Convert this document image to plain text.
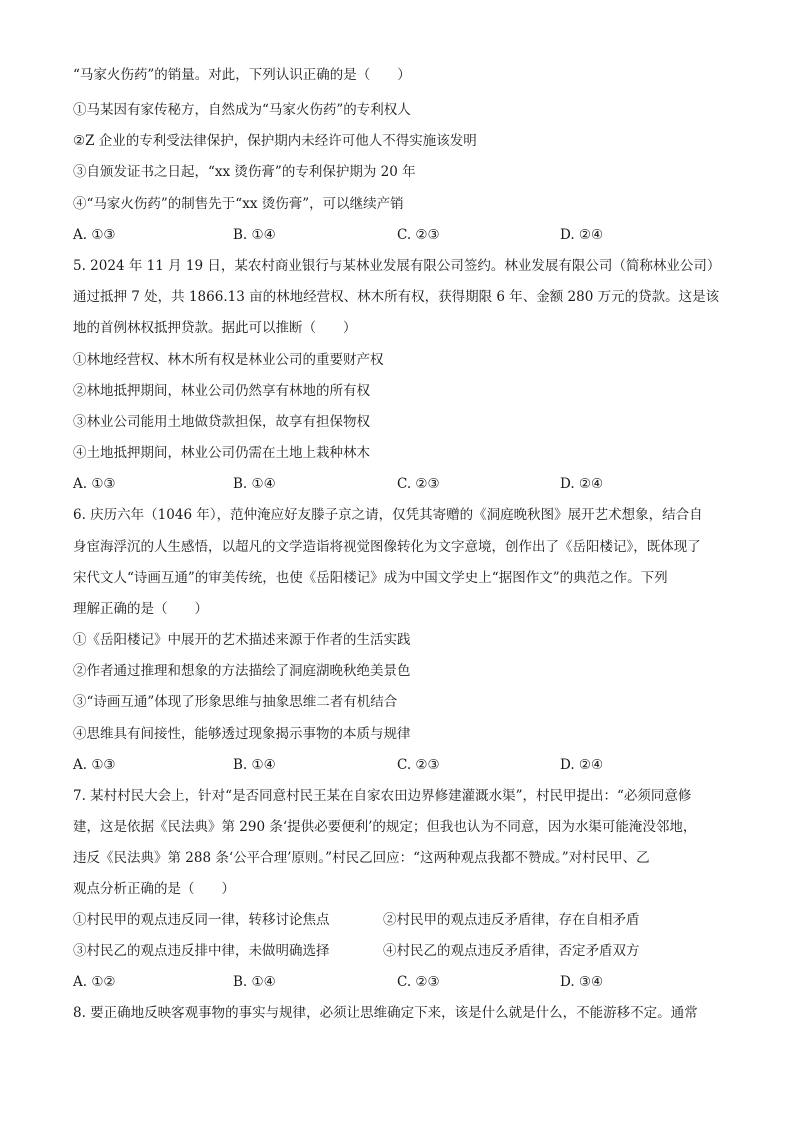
“马家火伤药”的销量。对此，下列认识正确的是（　　）
①马某因有家传秘方，自然成为“马家火伤药”的专利权人
②Z 企业的专利受法律保护，保护期内未经许可他人不得实施该发明
③自颁发证书之日起，“xx 烫伤膏”的专利保护期为 20 年
④“马家火伤药”的制售先于“xx 烫伤膏”，可以继续产销
A. ①③	B. ①④	C. ②③	D. ②④
5. 2024 年 11 月 19 日，某农村商业银行与某林业发展有限公司签约。林业发展有限公司（简称林业公司）
通过抵押 7 处，共 1866.13 亩的林地经营权、林木所有权，获得期限 6 年、金额 280 万元的贷款。这是该
地的首例林权抵押贷款。据此可以推断（　　）
①林地经营权、林木所有权是林业公司的重要财产权
②林地抵押期间，林业公司仍然享有林地的所有权
③林业公司能用土地做贷款担保，故享有担保物权
④土地抵押期间，林业公司仍需在土地上栽种林木
A. ①③	B. ①④	C. ②③	D. ②④
6. 庆历六年（1046 年），范仲淹应好友滕子京之请，仅凭其寄赠的《洞庭晚秋图》展开艺术想象，结合自
身宦海浮沉的人生感悟，以超凡的文学造诣将视觉图像转化为文字意境，创作出了《岳阳楼记》，既体现了
宋代文人“诗画互通”的审美传统，也使《岳阳楼记》成为中国文学史上“据图作文”的典范之作。下列
理解正确的是（　　）
①《岳阳楼记》中展开的艺术描述来源于作者的生活实践
②作者通过推理和想象的方法描绘了洞庭湖晚秋绝美景色
③“诗画互通”体现了形象思维与抽象思维二者有机结合
④思维具有间接性，能够透过现象揭示事物的本质与规律
A. ①③	B. ①④	C. ②③	D. ②④
7. 某村村民大会上，针对“是否同意村民王某在自家农田边界修建灌溉水渠”，村民甲提出：“必须同意修
建，这是依据《民法典》第 290 条‘提供必要便利’的规定；但我也认为不同意，因为水渠可能淹没邻地，
违反《民法典》第 288 条‘公平合理’原则。”村民乙回应：“这两种观点我都不赞成。”对村民甲、乙
观点分析正确的是（　　）
①村民甲的观点违反同一律，转移讨论焦点	②村民甲的观点违反矛盾律，存在自相矛盾
③村民乙的观点违反排中律，未做明确选择	④村民乙的观点违反矛盾律，否定矛盾双方
A. ①②	B. ①④	C. ②③	D. ③④
8. 要正确地反映客观事物的事实与规律，必须让思维确定下来，该是什么就是什么，不能游移不定。通常
